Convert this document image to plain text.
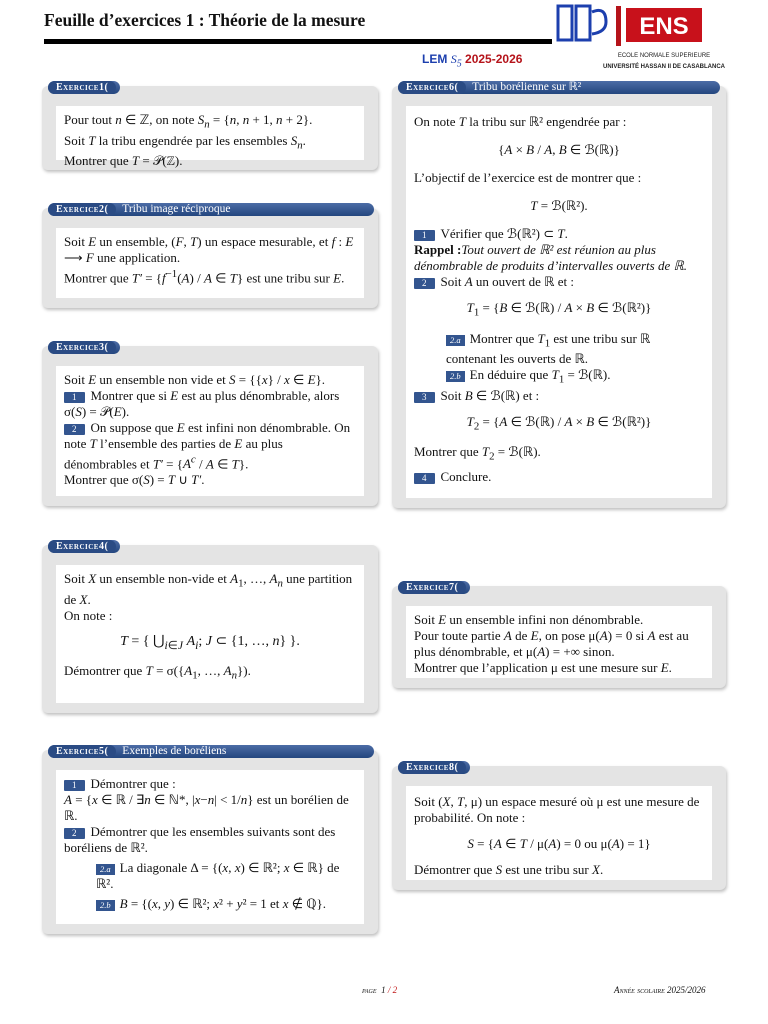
Feuille d’exercices 1 : Théorie de la mesure	ENS
ECOLE NORMALE SUPERIEURE
UNIVERSITÉ HASSAN II DE CASABLANCA
LEM $S_5$ 2025-2026
Pour tout n ∈ ℤ, on note $S_n = \{n$, n + 1, n + 2}.
Soit T la tribu engendrée par les ensembles $S_n$.
Montrer que T = 𝒫(ℤ).
Exercice1(
Soit E un ensemble, (F, T) un espace mesurable, et f : E ⟶ F une application.
Montrer que $T' = \{f^{-1}(A) / A$ ∈ T} est une tribu sur E.
Exercice2( Tribu image réciproque
Soit E un ensemble non vide et S = {{x} / x ∈ E}.
1 Montrer que si E est au plus dénombrable, alors σ(S) = 𝒫(E).
2 On suppose que E est infini non dénombrable. On note T l’ensemble des parties de E au plus dénombrables et $T' = \{A^c / A$ ∈ T}.
Montrer que σ(S) = T ∪ T′.
Exercice3(
Soit X un ensemble non-vide et $A_1$, …, $A_n$ une partition de X.
On note :

T = { $⋃_{i\in J}$ $A_i$; J ⊂ {1, …, n} }.
Démontrer que $T = \sigma(\{A_1$, …, $A_n$}).
Exercice4(
1 Démontrer que :
A = {x ∈ ℝ / ∃n ∈ ℕ*, |x−n| < 1/n} est un borélien de ℝ.
2 Démontrer que les ensembles suivants sont des boréliens de ℝ².

2.a La diagonale Δ = {(x, x) ∈ ℝ²; x ∈ ℝ} de ℝ².
2.b B = {(x, y) ∈ ℝ²; x² + y² = 1 et x ∉ ℚ}.
Exercice5( Exemples de boréliens
On note T la tribu sur ℝ² engendrée par :

{A × B / A, B ∈ ℬ(ℝ)}
L’objectif de l’exercice est de montrer que :

T = ℬ(ℝ²).
1 Vérifier que ℬ(ℝ²) ⊂ T.
Rappel :Tout ouvert de ℝ² est réunion au plus dénombrable de produits d’intervalles ouverts de ℝ.
2 Soit A un ouvert de ℝ et :

$T_1 = \{B$ ∈ ℬ(ℝ) / A × B ∈ ℬ(ℝ²)}
2.a Montrer que $T_1$ est une tribu sur ℝ contenant les ouverts de ℝ.
2.b En déduire que $T_1$ = ℬ(ℝ).
3 Soit B ∈ ℬ(ℝ) et :

$T_2 = \{A$ ∈ ℬ(ℝ) / A × B ∈ ℬ(ℝ²)}
Montrer que $T_2$ = ℬ(ℝ).

4 Conclure.
Exercice6( Tribu borélienne sur ℝ²
Soit E un ensemble infini non dénombrable.
Pour toute partie A de E, on pose μ(A) = 0 si A est au plus dénombrable, et μ(A) = +∞ sinon.
Montrer que l’application μ est une mesure sur E.
Exercice7(
Soit (X, T, μ) un espace mesuré où μ est une mesure de probabilité. On note :

S = {A ∈ T / μ(A) = 0 ou μ(A) = 1}
Démontrer que S est une tribu sur X.
Exercice8(
page 1 / 2	Année scolaire 2025/2026
